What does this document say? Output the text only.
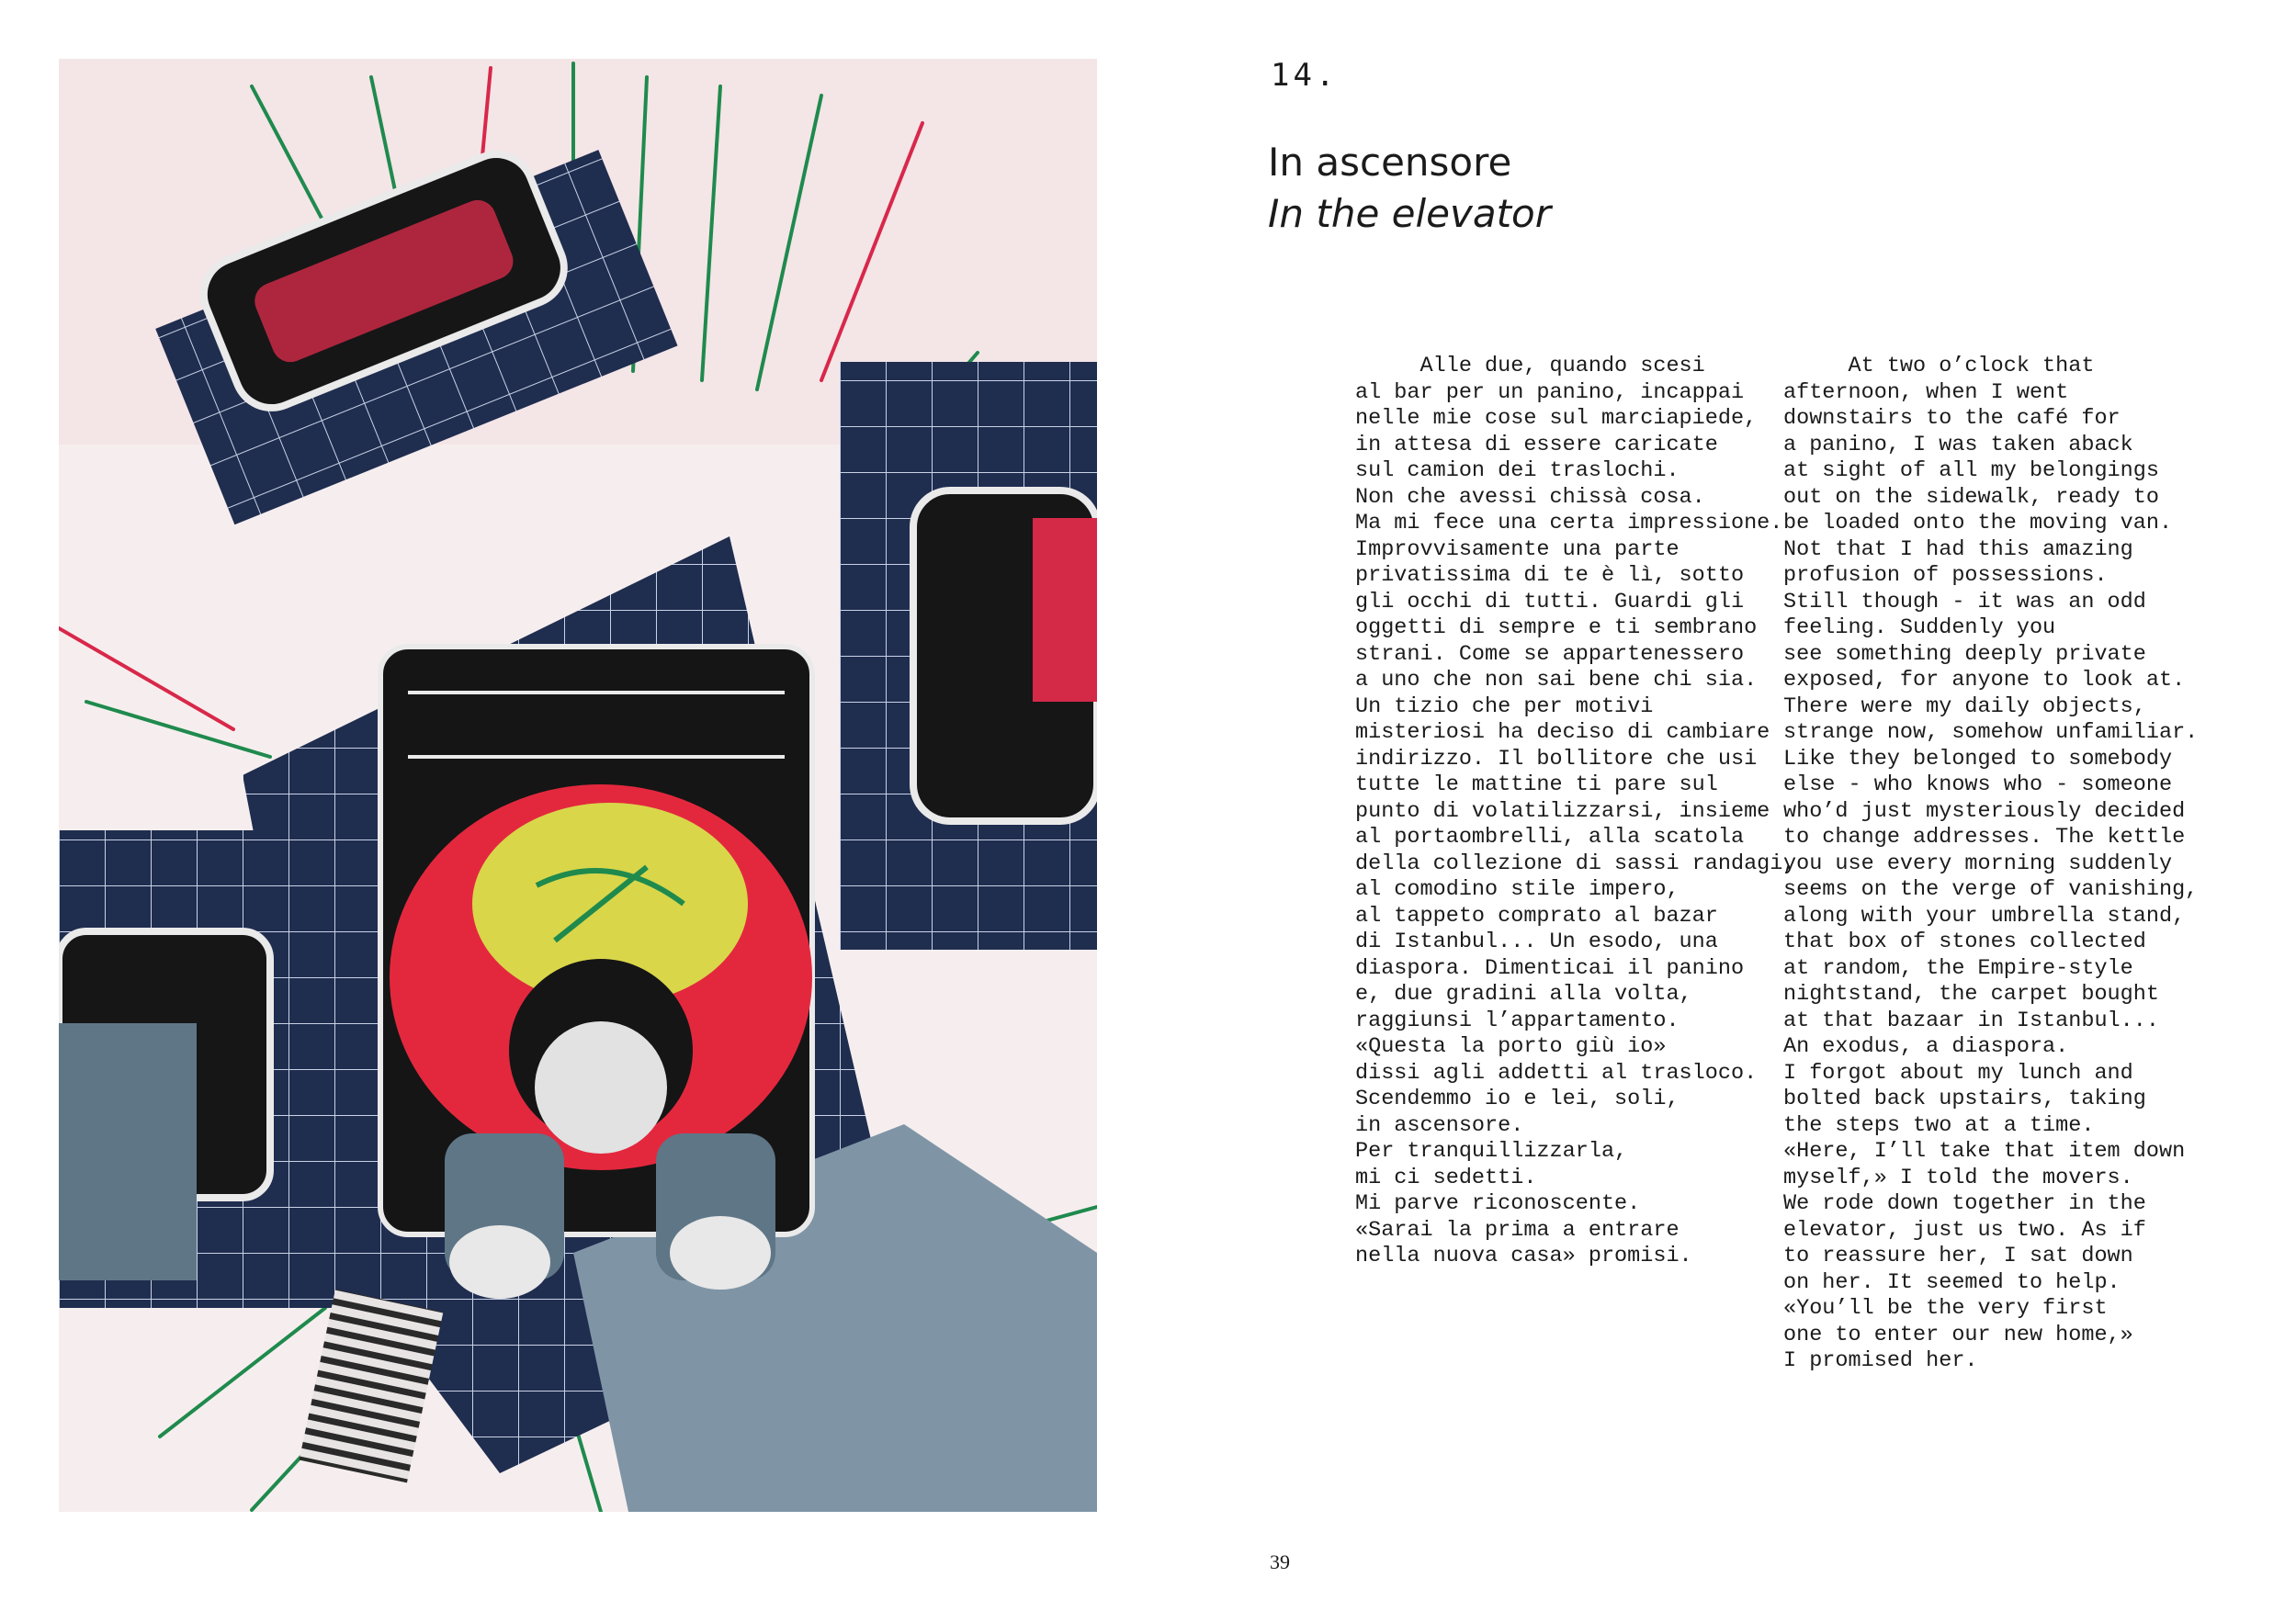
14.
In ascensore
In the elevator
Alle due, quando scesi
al bar per un panino, incappai
nelle mie cose sul marciapiede,
in attesa di essere caricate
sul camion dei traslochi.
Non che avessi chissà cosa.
Ma mi fece una certa impressione.
Improvvisamente una parte
privatissima di te è lì, sotto
gli occhi di tutti. Guardi gli
oggetti di sempre e ti sembrano
strani. Come se appartenessero
a uno che non sai bene chi sia.
Un tizio che per motivi
misteriosi ha deciso di cambiare
indirizzo. Il bollitore che usi
tutte le mattine ti pare sul
punto di volatilizzarsi, insieme
al portaombrelli, alla scatola
della collezione di sassi randagi,
al comodino stile impero,
al tappeto comprato al bazar
di Istanbul... Un esodo, una
diaspora. Dimenticai il panino
e, due gradini alla volta,
raggiunsi l’appartamento.
«Questa la porto giù io»
dissi agli addetti al trasloco.
Scendemmo io e lei, soli,
in ascensore.
Per tranquillizzarla,
mi ci sedetti.
Mi parve riconoscente.
«Sarai la prima a entrare
nella nuova casa» promisi.
At two o’clock that
afternoon, when I went
downstairs to the café for
a panino, I was taken aback
at sight of all my belongings
out on the sidewalk, ready to
be loaded onto the moving van.
Not that I had this amazing
profusion of possessions.
Still though - it was an odd
feeling. Suddenly you
see something deeply private
exposed, for anyone to look at.
There were my daily objects,
strange now, somehow unfamiliar.
Like they belonged to somebody
else - who knows who - someone
who’d just mysteriously decided
to change addresses. The kettle
you use every morning suddenly
seems on the verge of vanishing,
along with your umbrella stand,
that box of stones collected
at random, the Empire-style
nightstand, the carpet bought
at that bazaar in Istanbul...
An exodus, a diaspora.
I forgot about my lunch and
bolted back upstairs, taking
the steps two at a time.
«Here, I’ll take that item down
myself,» I told the movers.
We rode down together in the
elevator, just us two. As if
to reassure her, I sat down
on her. It seemed to help.
«You’ll be the very first
one to enter our new home,»
I promised her.
39
